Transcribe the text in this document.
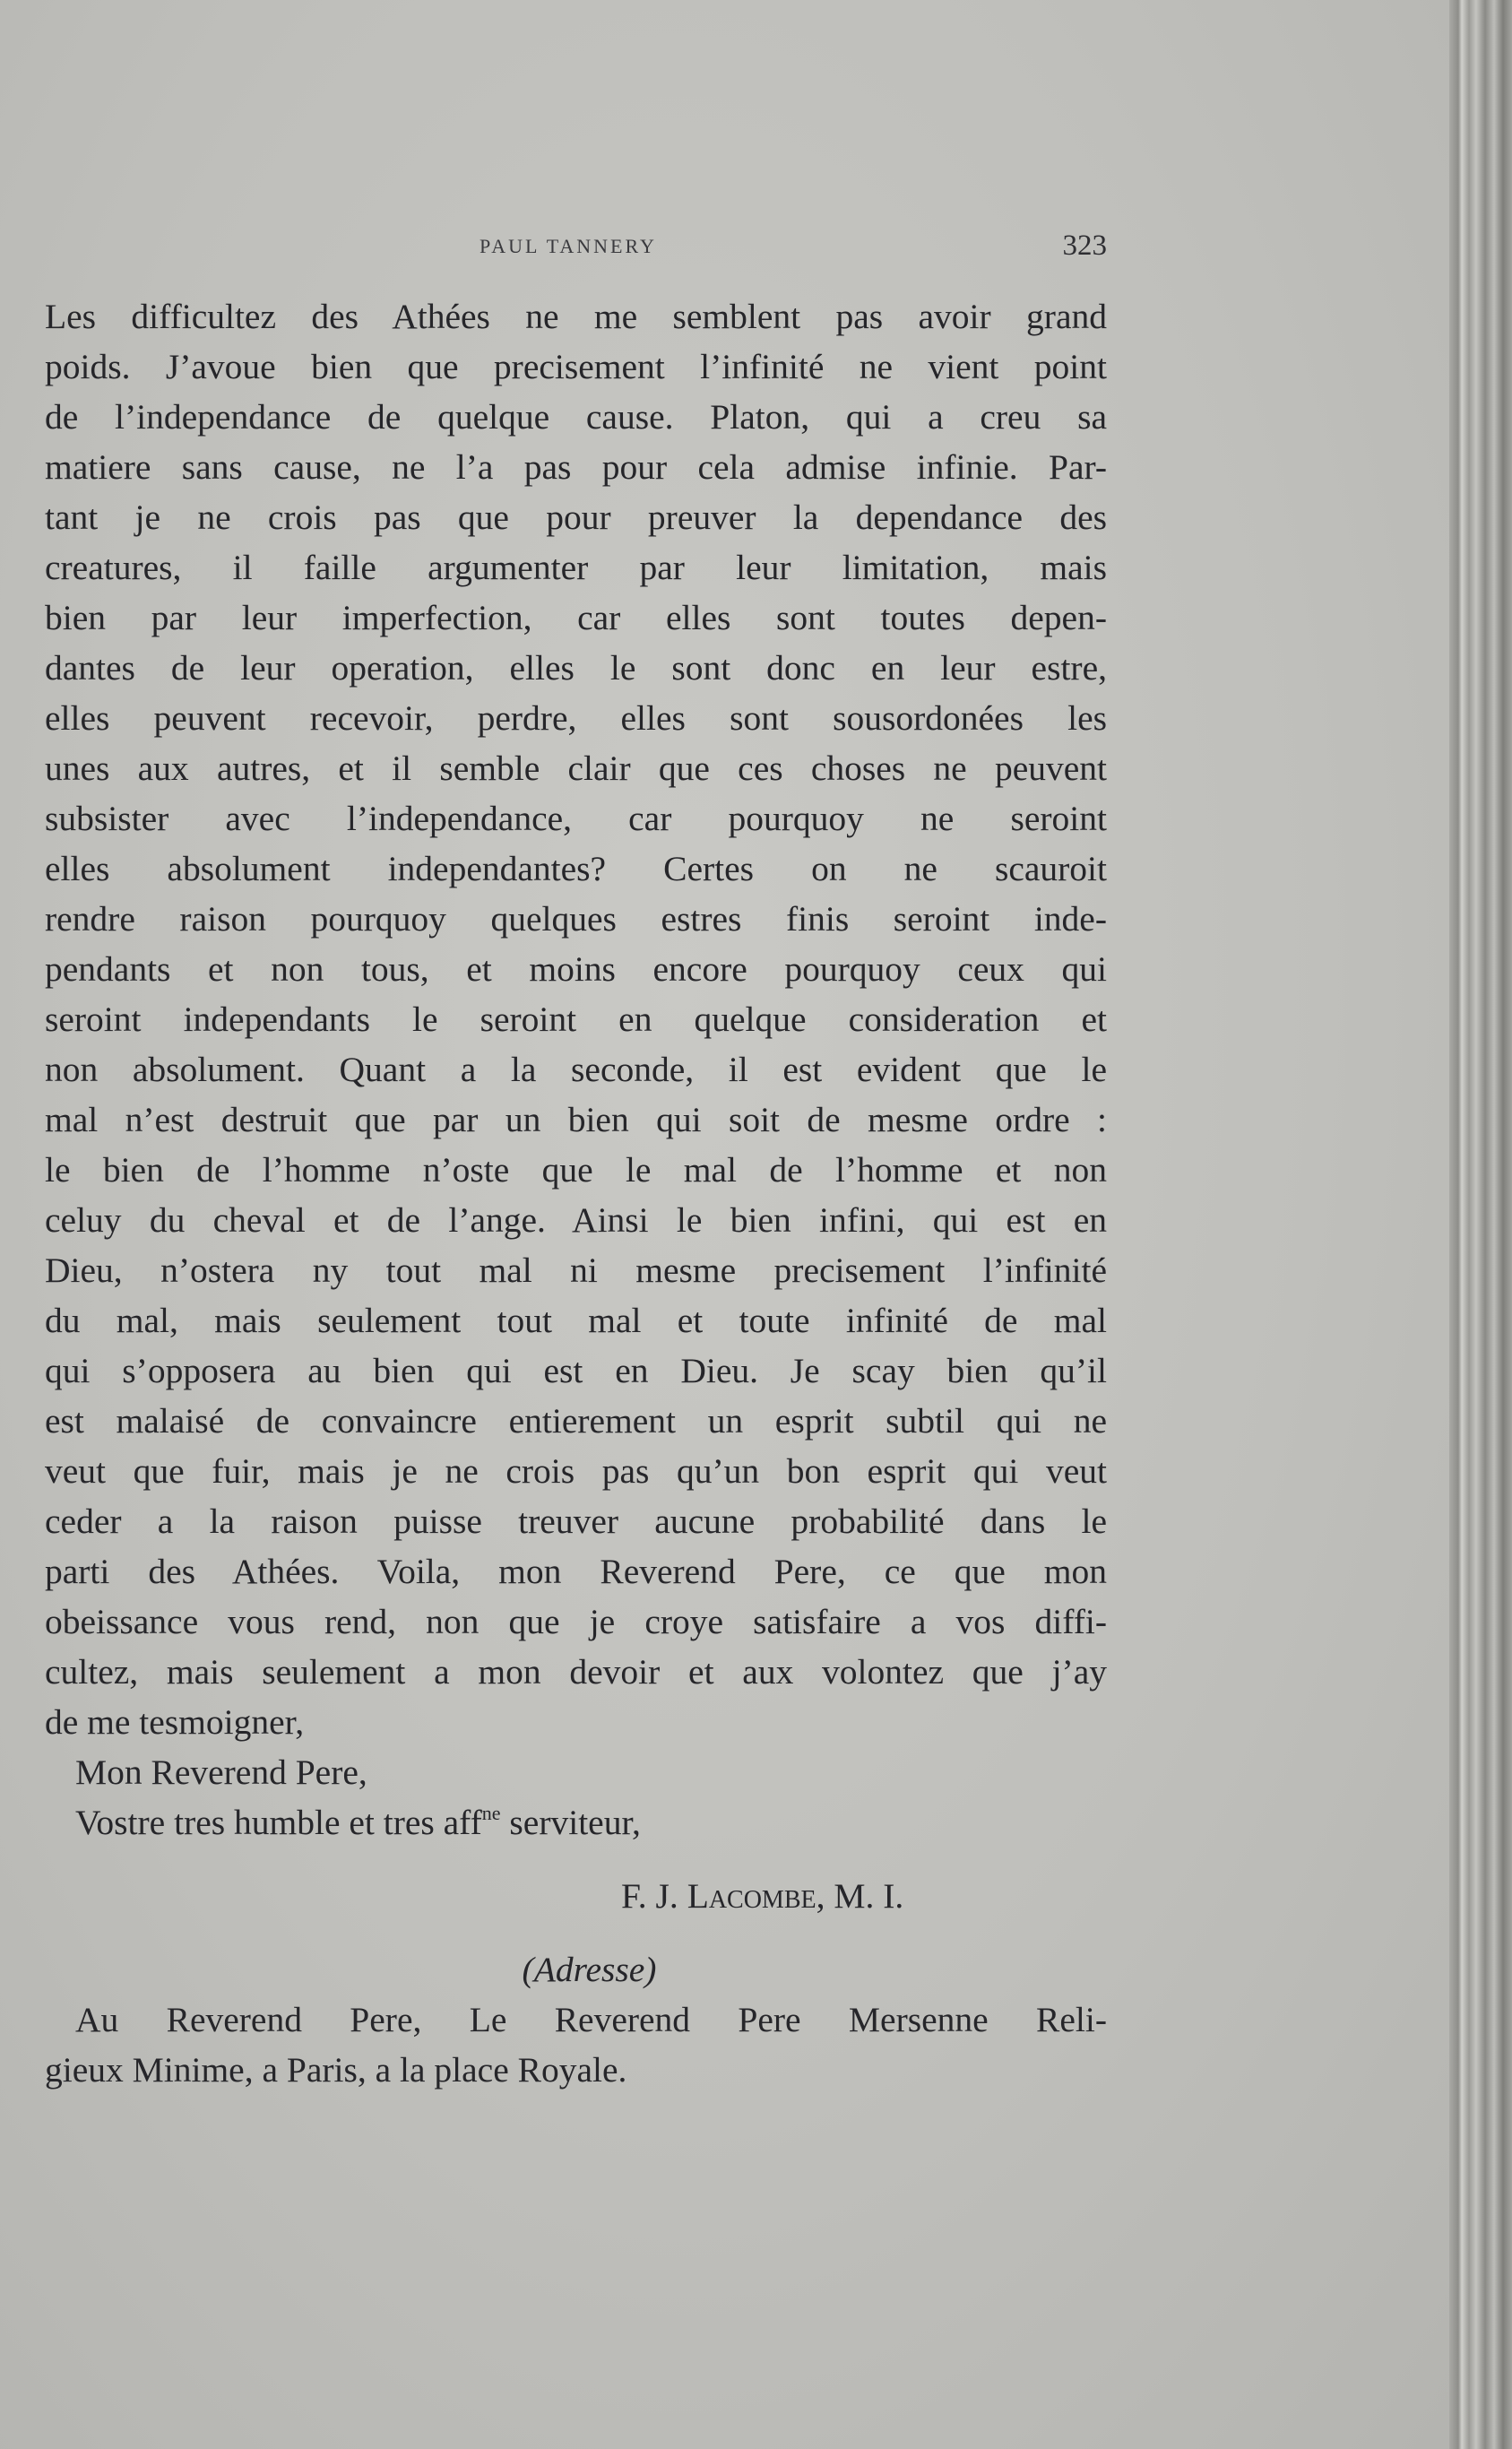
PAUL TANNERY	323
Les difficultez des Athées ne me semblent pas avoir grand
poids. J’avoue bien que precisement l’infinité ne vient point
de l’independance de quelque cause. Platon, qui a creu sa
matiere sans cause, ne l’a pas pour cela admise infinie. Par-
tant je ne crois pas que pour preuver la dependance des
creatures, il faille argumenter par leur limitation, mais
bien par leur imperfection, car elles sont toutes depen-
dantes de leur operation, elles le sont donc en leur estre,
elles peuvent recevoir, perdre, elles sont sousordonées les
unes aux autres, et il semble clair que ces choses ne peuvent
subsister avec l’independance, car pourquoy ne seroint
elles absolument independantes? Certes on ne scauroit
rendre raison pourquoy quelques estres finis seroint inde-
pendants et non tous, et moins encore pourquoy ceux qui
seroint independants le seroint en quelque consideration et
non absolument. Quant a la seconde, il est evident que le
mal n’est destruit que par un bien qui soit de mesme ordre :
le bien de l’homme n’oste que le mal de l’homme et non
celuy du cheval et de l’ange. Ainsi le bien infini, qui est en
Dieu, n’ostera ny tout mal ni mesme precisement l’infinité
du mal, mais seulement tout mal et toute infinité de mal
qui s’opposera au bien qui est en Dieu. Je scay bien qu’il
est malaisé de convaincre entierement un esprit subtil qui ne
veut que fuir, mais je ne crois pas qu’un bon esprit qui veut
ceder a la raison puisse treuver aucune probabilité dans le
parti des Athées. Voila, mon Reverend Pere, ce que mon
obeissance vous rend, non que je croye satisfaire a vos diffi-
cultez, mais seulement a mon devoir et aux volontez que j’ay
de me tesmoigner,
Mon Reverend Pere,
Vostre tres humble et tres aff$^{ne}$ serviteur,
F. J. Lacombe, M. I.
(Adresse)
Au Reverend Pere, Le Reverend Pere Mersenne Reli-
gieux Minime, a Paris, a la place Royale.
